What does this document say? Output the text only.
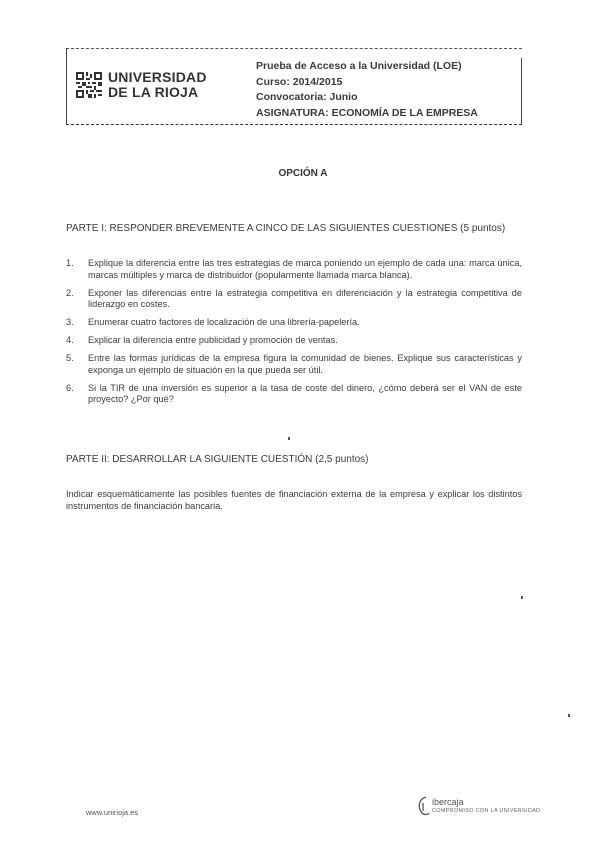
UNIVERSIDAD
DE LA RIOJA
Prueba de Acceso a la Universidad (LOE)
Curso: 2014/2015
Convocatoria: Junio
ASIGNATURA: ECONOMÍA DE LA EMPRESA
OPCIÓN A
PARTE I: RESPONDER BREVEMENTE A CINCO DE LAS SIGUIENTES CUESTIONES (5 puntos)
1. Explique la diferencia entre las tres estrategias de marca poniendo un ejemplo de cada una: marca única, marcas múltiples y marca de distribuidor (popularmente llamada marca blanca).
2. Exponer las diferencias entre la estrategia competitiva en diferenciación y la estrategia competitiva de liderazgo en costes.
3. Enumerar cuatro factores de localización de una librería-papelería.
4. Explicar la diferencia entre publicidad y promoción de ventas.
5. Entre las formas jurídicas de la empresa figura la comunidad de bienes. Explique sus características y exponga un ejemplo de situación en la que pueda ser útil.
6. Si la TIR de una inversión es superior a la tasa de coste del dinero, ¿cómo deberá ser el VAN de este proyecto? ¿Por qué?
PARTE II: DESARROLLAR LA SIGUIENTE CUESTIÓN (2,5 puntos)
Indicar esquemáticamente las posibles fuentes de financiación externa de la empresa y explicar los distintos instrumentos de financiación bancaria.
www.unirioja.es
ibercaja
COMPROMISO CON LA UNIVERSIDAD
